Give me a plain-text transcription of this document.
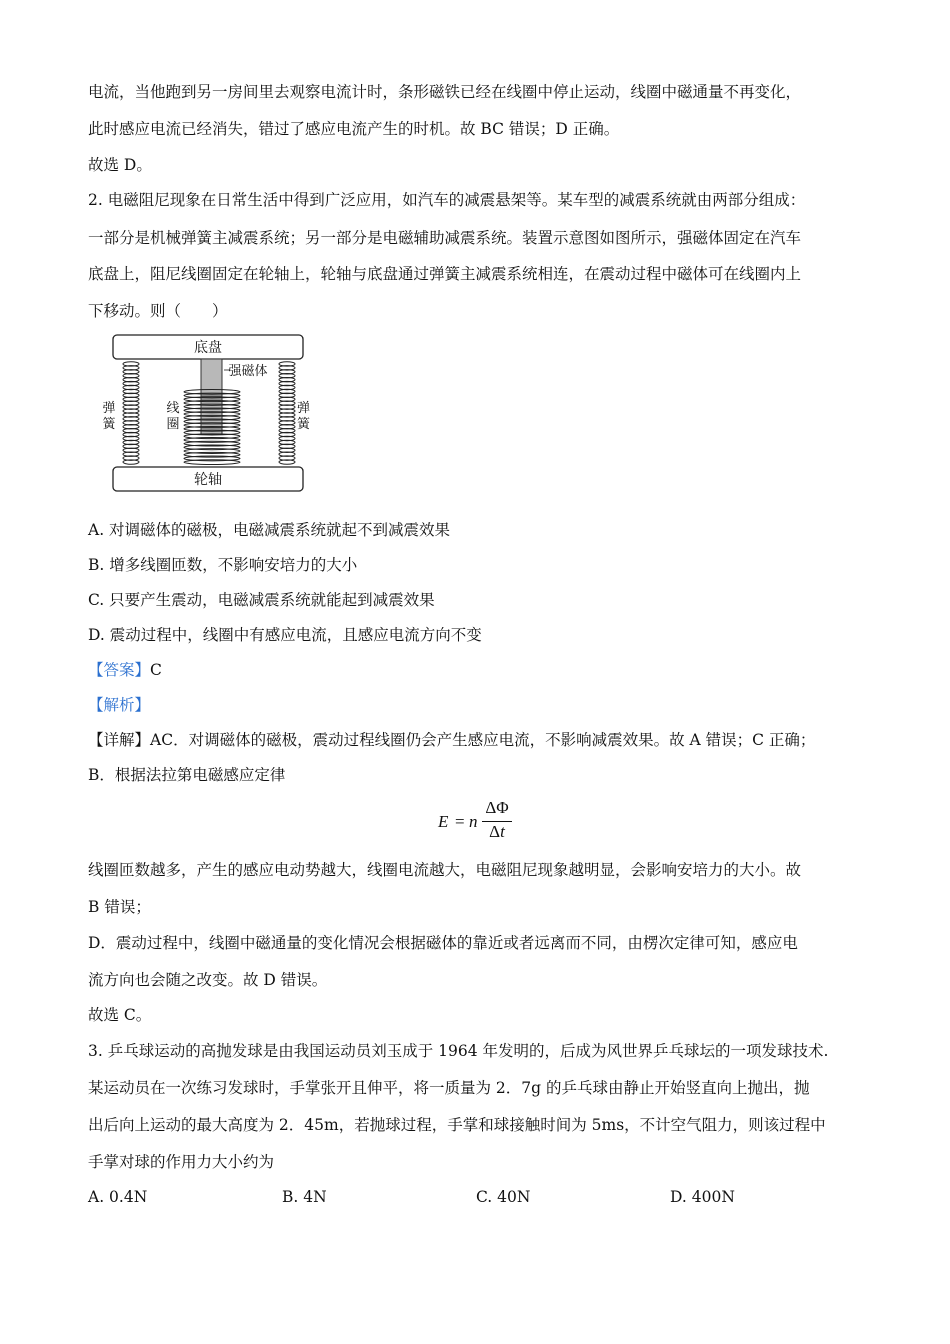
电流，当他跑到另一房间里去观察电流计时，条形磁铁已经在线圈中停止运动，线圈中磁通量不再变化，
此时感应电流已经消失，错过了感应电流产生的时机。故 BC 错误；D 正确。
故选 D。
2. 电磁阻尼现象在日常生活中得到广泛应用，如汽车的减震悬架等。某车型的减震系统就由两部分组成：
一部分是机械弹簧主减震系统；另一部分是电磁辅助减震系统。装置示意图如图所示，强磁体固定在汽车
底盘上，阻尼线圈固定在轮轴上，轮轴与底盘通过弹簧主减震系统相连，在震动过程中磁体可在线圈内上
下移动。则（　　）
底盘
轮轴
强磁体
线
圈
弹
簧
弹
簧
A. 对调磁体的磁极，电磁减震系统就起不到减震效果
B. 增多线圈匝数，不影响安培力的大小
C. 只要产生震动，电磁减震系统就能起到减震效果
D. 震动过程中，线圈中有感应电流，且感应电流方向不变
【答案】C
【解析】
【详解】AC．对调磁体的磁极，震动过程线圈仍会产生感应电流，不影响减震效果。故 A 错误；C 正确；
B．根据法拉第电磁感应定律
E = n
ΔΦ
Δt
线圈匝数越多，产生的感应电动势越大，线圈电流越大，电磁阻尼现象越明显，会影响安培力的大小。故
B 错误；
D．震动过程中，线圈中磁通量的变化情况会根据磁体的靠近或者远离而不同，由楞次定律可知，感应电
流方向也会随之改变。故 D 错误。
故选 C。
3. 乒乓球运动的高抛发球是由我国运动员刘玉成于 1964 年发明的，后成为风世界乒乓球坛的一项发球技术.
某运动员在一次练习发球时，手掌张开且伸平，将一质量为 2．7g 的乒乓球由静止开始竖直向上抛出，抛
出后向上运动的最大高度为 2．45m，若抛球过程，手掌和球接触时间为 5ms，不计空气阻力，则该过程中
手掌对球的作用力大小约为
A. 0.4N	B. 4N	C. 40N	D. 400N
